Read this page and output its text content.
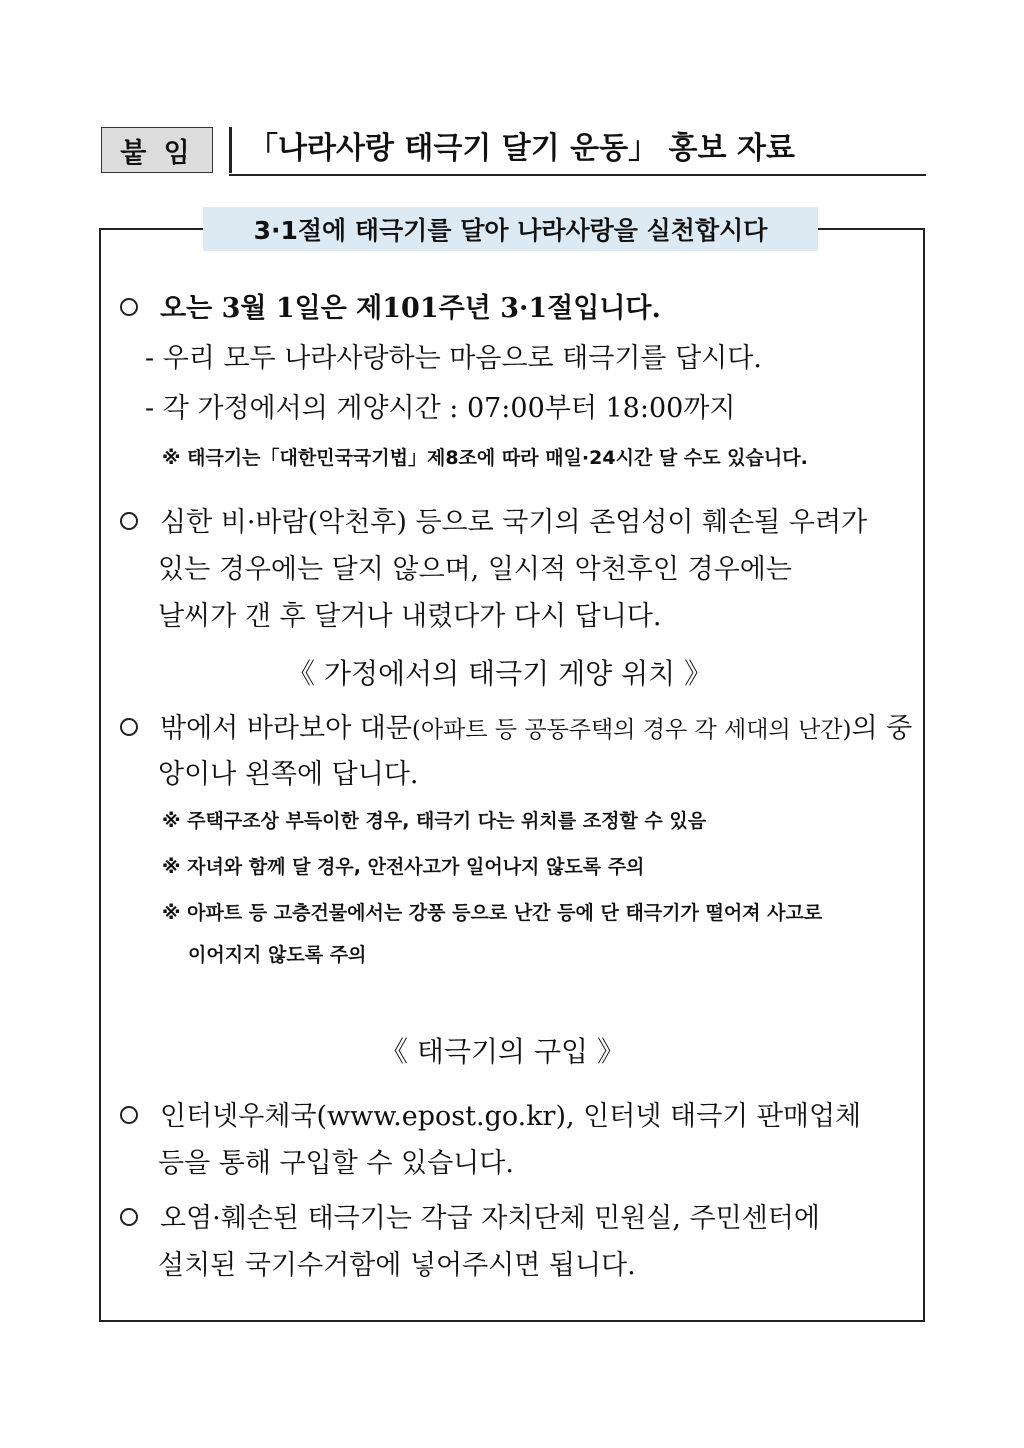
붙 임	「나라사랑 태극기 달기 운동」 홍보 자료
3·1절에 태극기를 달아 나라사랑을 실천합시다
오는 3월 1일은 제101주년 3·1절입니다.
- 우리 모두 나라사랑하는 마음으로 태극기를 답시다.
- 각 가정에서의 게양시간 : 07:00부터 18:00까지
※ 태극기는「대한민국국기법」제8조에 따라 매일·24시간 달 수도 있습니다.
심한 비·바람(악천후) 등으로 국기의 존엄성이 훼손될 우려가
있는 경우에는 달지 않으며, 일시적 악천후인 경우에는
날씨가 갠 후 달거나 내렸다가 다시 답니다.
《 가정에서의 태극기 게양 위치 》
밖에서 바라보아 대문(아파트 등 공동주택의 경우 각 세대의 난간)의 중
앙이나 왼쪽에 답니다.
※ 주택구조상 부득이한 경우, 태극기 다는 위치를 조정할 수 있음
※ 자녀와 함께 달 경우, 안전사고가 일어나지 않도록 주의
※ 아파트 등 고층건물에서는 강풍 등으로 난간 등에 단 태극기가 떨어져 사고로
이어지지 않도록 주의
《 태극기의 구입 》
인터넷우체국(www.epost.go.kr), 인터넷 태극기 판매업체
등을 통해 구입할 수 있습니다.
오염·훼손된 태극기는 각급 자치단체 민원실, 주민센터에
설치된 국기수거함에 넣어주시면 됩니다.
